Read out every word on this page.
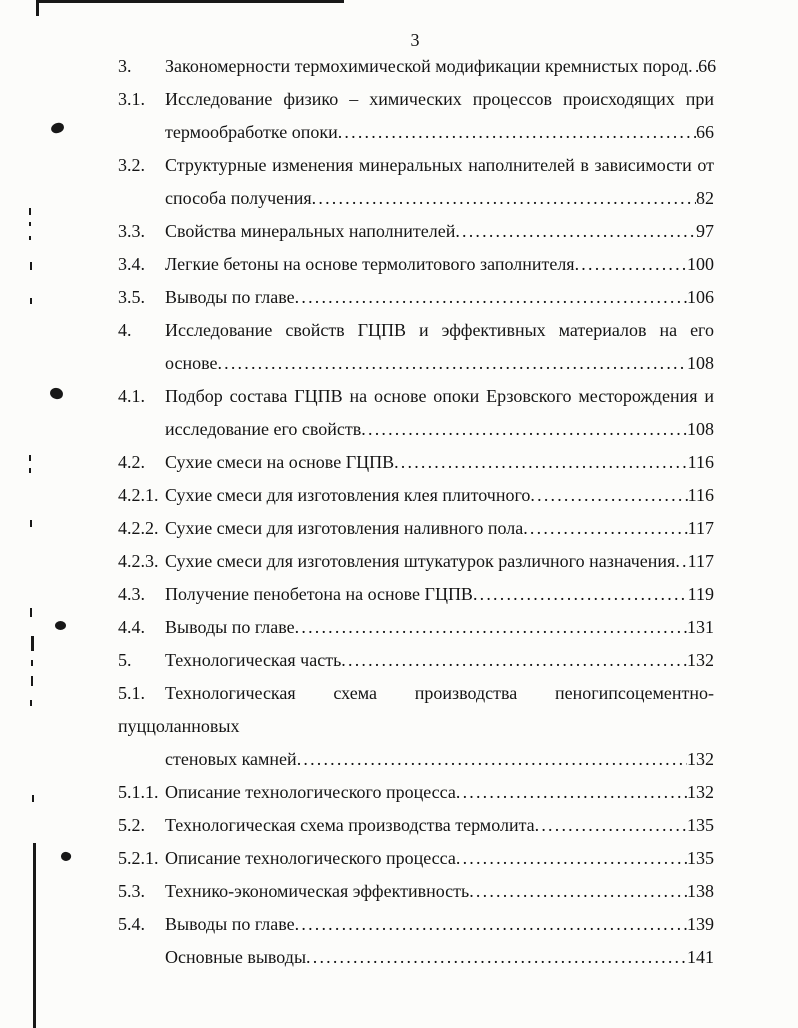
3
3.	Закономерности термохимической модификации кремнистых пород ..... 66
3.1. Исследование физико – химических процессов происходящих при
термообработке опоки .....	66
3.2. Структурные изменения минеральных наполнителей в зависимости от
способа получения .....	82
3.3.	Свойства минеральных наполнителей .....	97
3.4.	Легкие бетоны на основе термолитового заполнителя .....	100
3.5.	Выводы по главе .....	106
4. Исследование свойств ГЦПВ и эффективных материалов на его
основе .....	108
4.1. Подбор состава ГЦПВ на основе опоки Ерзовского месторождения и
исследование его свойств .....	108
4.2.	Сухие смеси на основе ГЦПВ .....	116
4.2.1. Сухие смеси для изготовления клея плиточного .....	116
4.2.2. Сухие смеси для изготовления наливного пола .....	117
4.2.3. Сухие смеси для изготовления штукатурок различного назначения ..... 117
4.3.	Получение пенобетона на основе ГЦПВ .....	119
4.4.	Выводы по главе .....	131
5.	Технологическая часть .....	132
5.1. Технологическая схема производства пеногипсоцементно-пуццоланновых
стеновых камней .....	132
5.1.1. Описание технологического процесса .....	132
5.2.	Технологическая схема производства термолита .....	135
5.2.1. Описание технологического процесса .....	135
5.3.	Технико-экономическая эффективность .....	138
5.4.	Выводы по главе .....	139
Основные выводы .....	141
